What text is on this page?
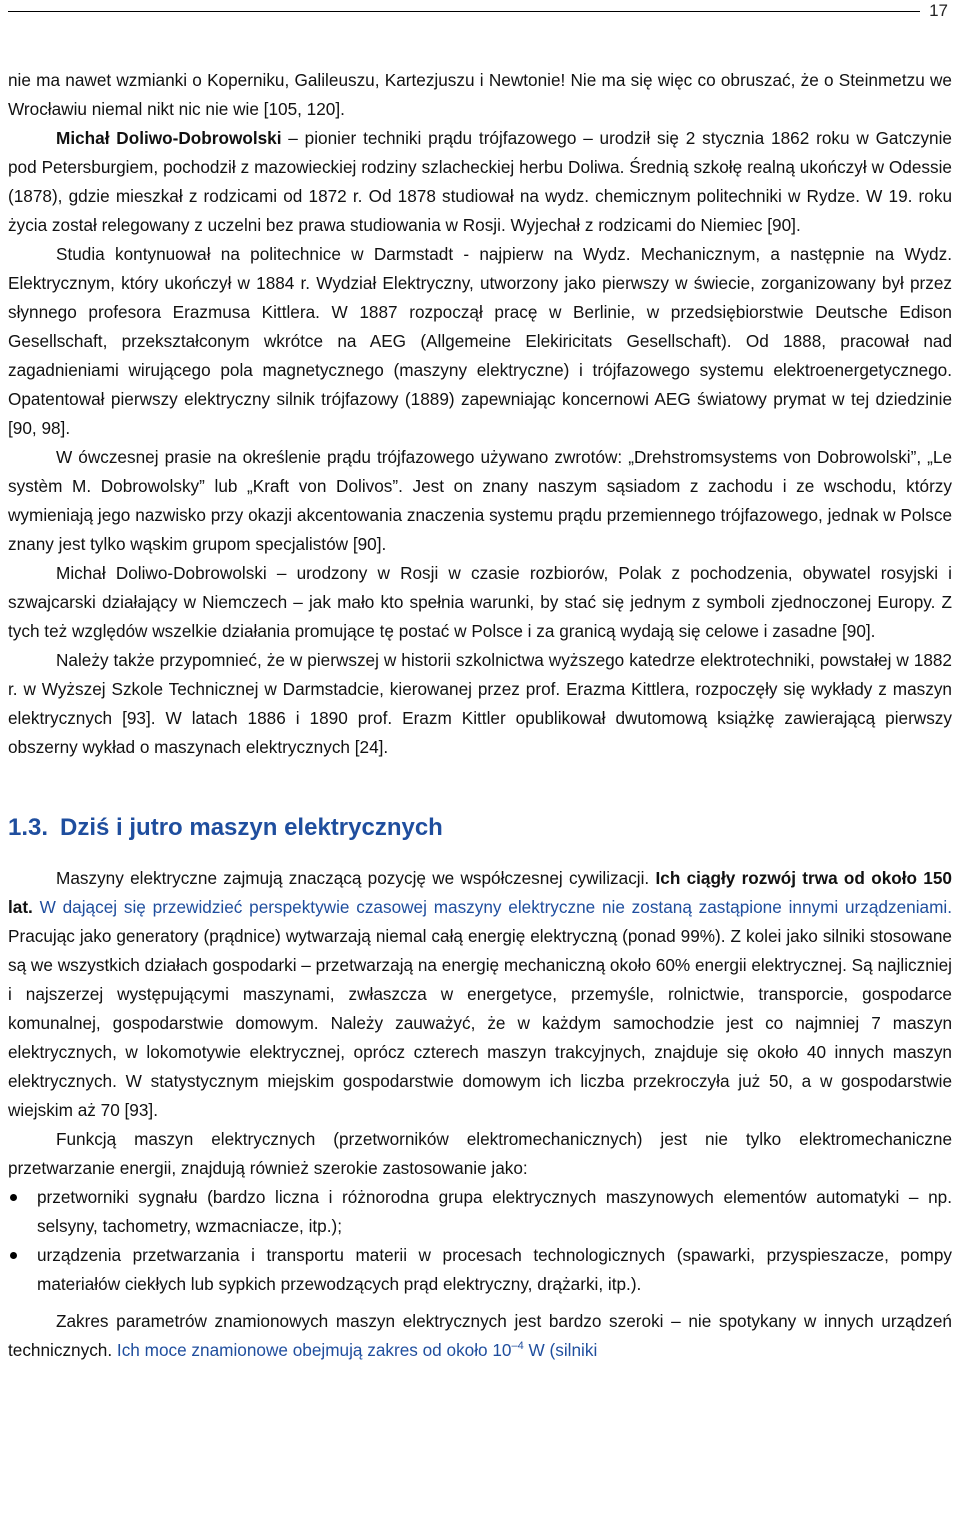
17

nie ma nawet wzmianki o Koperniku, Galileuszu, Kartezjuszu i Newtonie! Nie ma się więc co obruszać, że o Steinmetzu we Wrocławiu niemal nikt nic nie wie [105, 120].

Michał Doliwo-Dobrowolski – pionier techniki prądu trójfazowego – urodził się 2 stycznia 1862 roku w Gatczynie pod Petersburgiem, pochodził z mazowieckiej rodziny szlacheckiej herbu Doliwa. Średnią szkołę realną ukończył w Odessie (1878), gdzie mieszkał z rodzicami od 1872 r. Od 1878 studiował na wydz. chemicznym politechniki w Rydze. W 19. roku życia został relegowany z uczelni bez prawa studiowania w Rosji. Wyjechał z rodzicami do Niemiec [90].

Studia kontynuował na politechnice w Darmstadt - najpierw na Wydz. Mechanicznym, a następnie na Wydz. Elektrycznym, który ukończył w 1884 r. Wydział Elektryczny, utworzony jako pierwszy w świecie, zorganizowany był przez słynnego profesora Erazmusa Kittlera. W 1887 rozpoczął pracę w Berlinie, w przedsiębiorstwie Deutsche Edison Gesellschaft, przekształconym wkrótce na AEG (Allgemeine Elekiricitats Gesellschaft). Od 1888, pracował nad zagadnieniami wirującego pola magnetycznego (maszyny elektryczne) i trójfazowego systemu elektroenergetycznego. Opatentował pierwszy elektryczny silnik trójfazowy (1889) zapewniając koncernowi AEG światowy prymat w tej dziedzinie [90, 98].

W ówczesnej prasie na określenie prądu trójfazowego używano zwrotów: „Drehstromsystems von Dobrowolski”, „Le systèm M. Dobrowolsky” lub „Kraft von Dolivos”. Jest on znany naszym sąsiadom z zachodu i ze wschodu, którzy wymieniają jego nazwisko przy okazji akcentowania znaczenia systemu prądu przemiennego trójfazowego, jednak w Polsce znany jest tylko wąskim grupom specjalistów [90].

Michał Doliwo-Dobrowolski – urodzony w Rosji w czasie rozbiorów, Polak z pochodzenia, obywatel rosyjski i szwajcarski działający w Niemczech – jak mało kto spełnia warunki, by stać się jednym z symboli zjednoczonej Europy. Z tych też względów wszelkie działania promujące tę postać w Polsce i za granicą wydają się celowe i zasadne [90].

Należy także przypomnieć, że w pierwszej w historii szkolnictwa wyższego katedrze elektrotechniki, powstałej w 1882 r. w Wyższej Szkole Technicznej w Darmstadcie, kierowanej przez prof. Erazma Kittlera, rozpoczęły się wykłady z maszyn elektrycznych [93]. W latach 1886 i 1890 prof. Erazm Kittler opublikował dwutomową książkę zawierającą pierwszy obszerny wykład o maszynach elektrycznych [24].

1.3. Dziś i jutro maszyn elektrycznych

Maszyny elektryczne zajmują znaczącą pozycję we współczesnej cywilizacji. Ich ciągły rozwój trwa od około 150 lat. W dającej się przewidzieć perspektywie czasowej maszyny elektryczne nie zostaną zastąpione innymi urządzeniami. Pracując jako generatory (prądnice) wytwarzają niemal całą energię elektryczną (ponad 99%). Z kolei jako silniki stosowane są we wszystkich działach gospodarki – przetwarzają na energię mechaniczną około 60% energii elektrycznej. Są najliczniej i najszerzej występującymi maszynami, zwłaszcza w energetyce, przemyśle, rolnictwie, transporcie, gospodarce komunalnej, gospodarstwie domowym. Należy zauważyć, że w każdym samochodzie jest co najmniej 7 maszyn elektrycznych, w lokomotywie elektrycznej, oprócz czterech maszyn trakcyjnych, znajduje się około 40 innych maszyn elektrycznych. W statystycznym miejskim gospodarstwie domowym ich liczba przekroczyła już 50, a w gospodarstwie wiejskim aż 70 [93].

Funkcją maszyn elektrycznych (przetworników elektromechanicznych) jest nie tylko elektromechaniczne przetwarzanie energii, znajdują również szerokie zastosowanie jako:

przetworniki sygnału (bardzo liczna i różnorodna grupa elektrycznych maszynowych elementów automatyki – np. selsyny, tachometry, wzmacniacze, itp.);
urządzenia przetwarzania i transportu materii w procesach technologicznych (spawarki, przyspieszacze, pompy materiałów ciekłych lub sypkich przewodzących prąd elektryczny, drążarki, itp.).

Zakres parametrów znamionowych maszyn elektrycznych jest bardzo szeroki – nie spotykany w innych urządzeń technicznych. Ich moce znamionowe obejmują zakres od około $10^{-4}$ W (silniki
